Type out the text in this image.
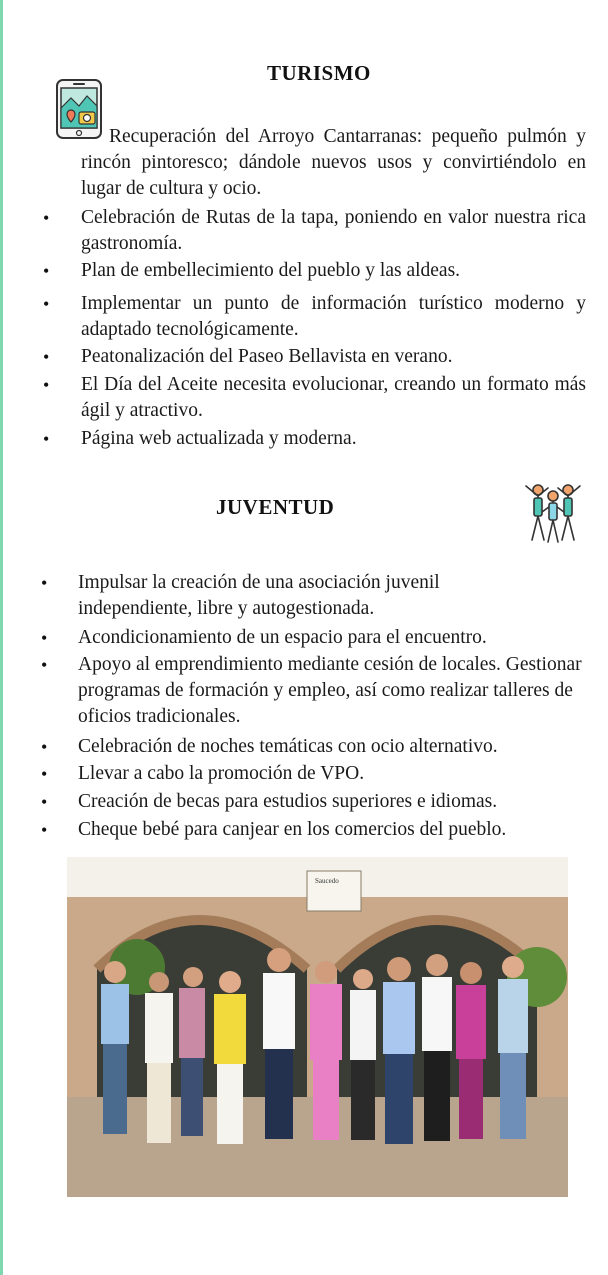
TURISMO
Recuperación del Arroyo Cantarranas: pequeño pulmón y rincón pintoresco; dándole nuevos usos y convirtiéndolo en lugar de cultura y ocio.
• Celebración de Rutas de la tapa, poniendo en valor nuestra rica gastronomía.
• Plan de embellecimiento del pueblo y las aldeas.
• Implementar un punto de información turístico moderno y adaptado tecnológicamente.
• Peatonalización del Paseo Bellavista en verano.
• El Día del Aceite necesita evolucionar, creando un formato más ágil y atractivo.
• Página web actualizada y moderna.
JUVENTUD
• Impulsar la creación de una asociación juvenil independiente, libre y autogestionada.
• Acondicionamiento de un espacio para el encuentro.
• Apoyo al emprendimiento mediante cesión de locales. Gestionar programas de formación y empleo, así como realizar talleres de oficios tradicionales.
• Celebración de noches temáticas con ocio alternativo.
• Llevar a cabo la promoción de VPO.
• Creación de becas para estudios superiores e idiomas.
• Cheque bebé para canjear en los comercios del pueblo.
Saucedo
